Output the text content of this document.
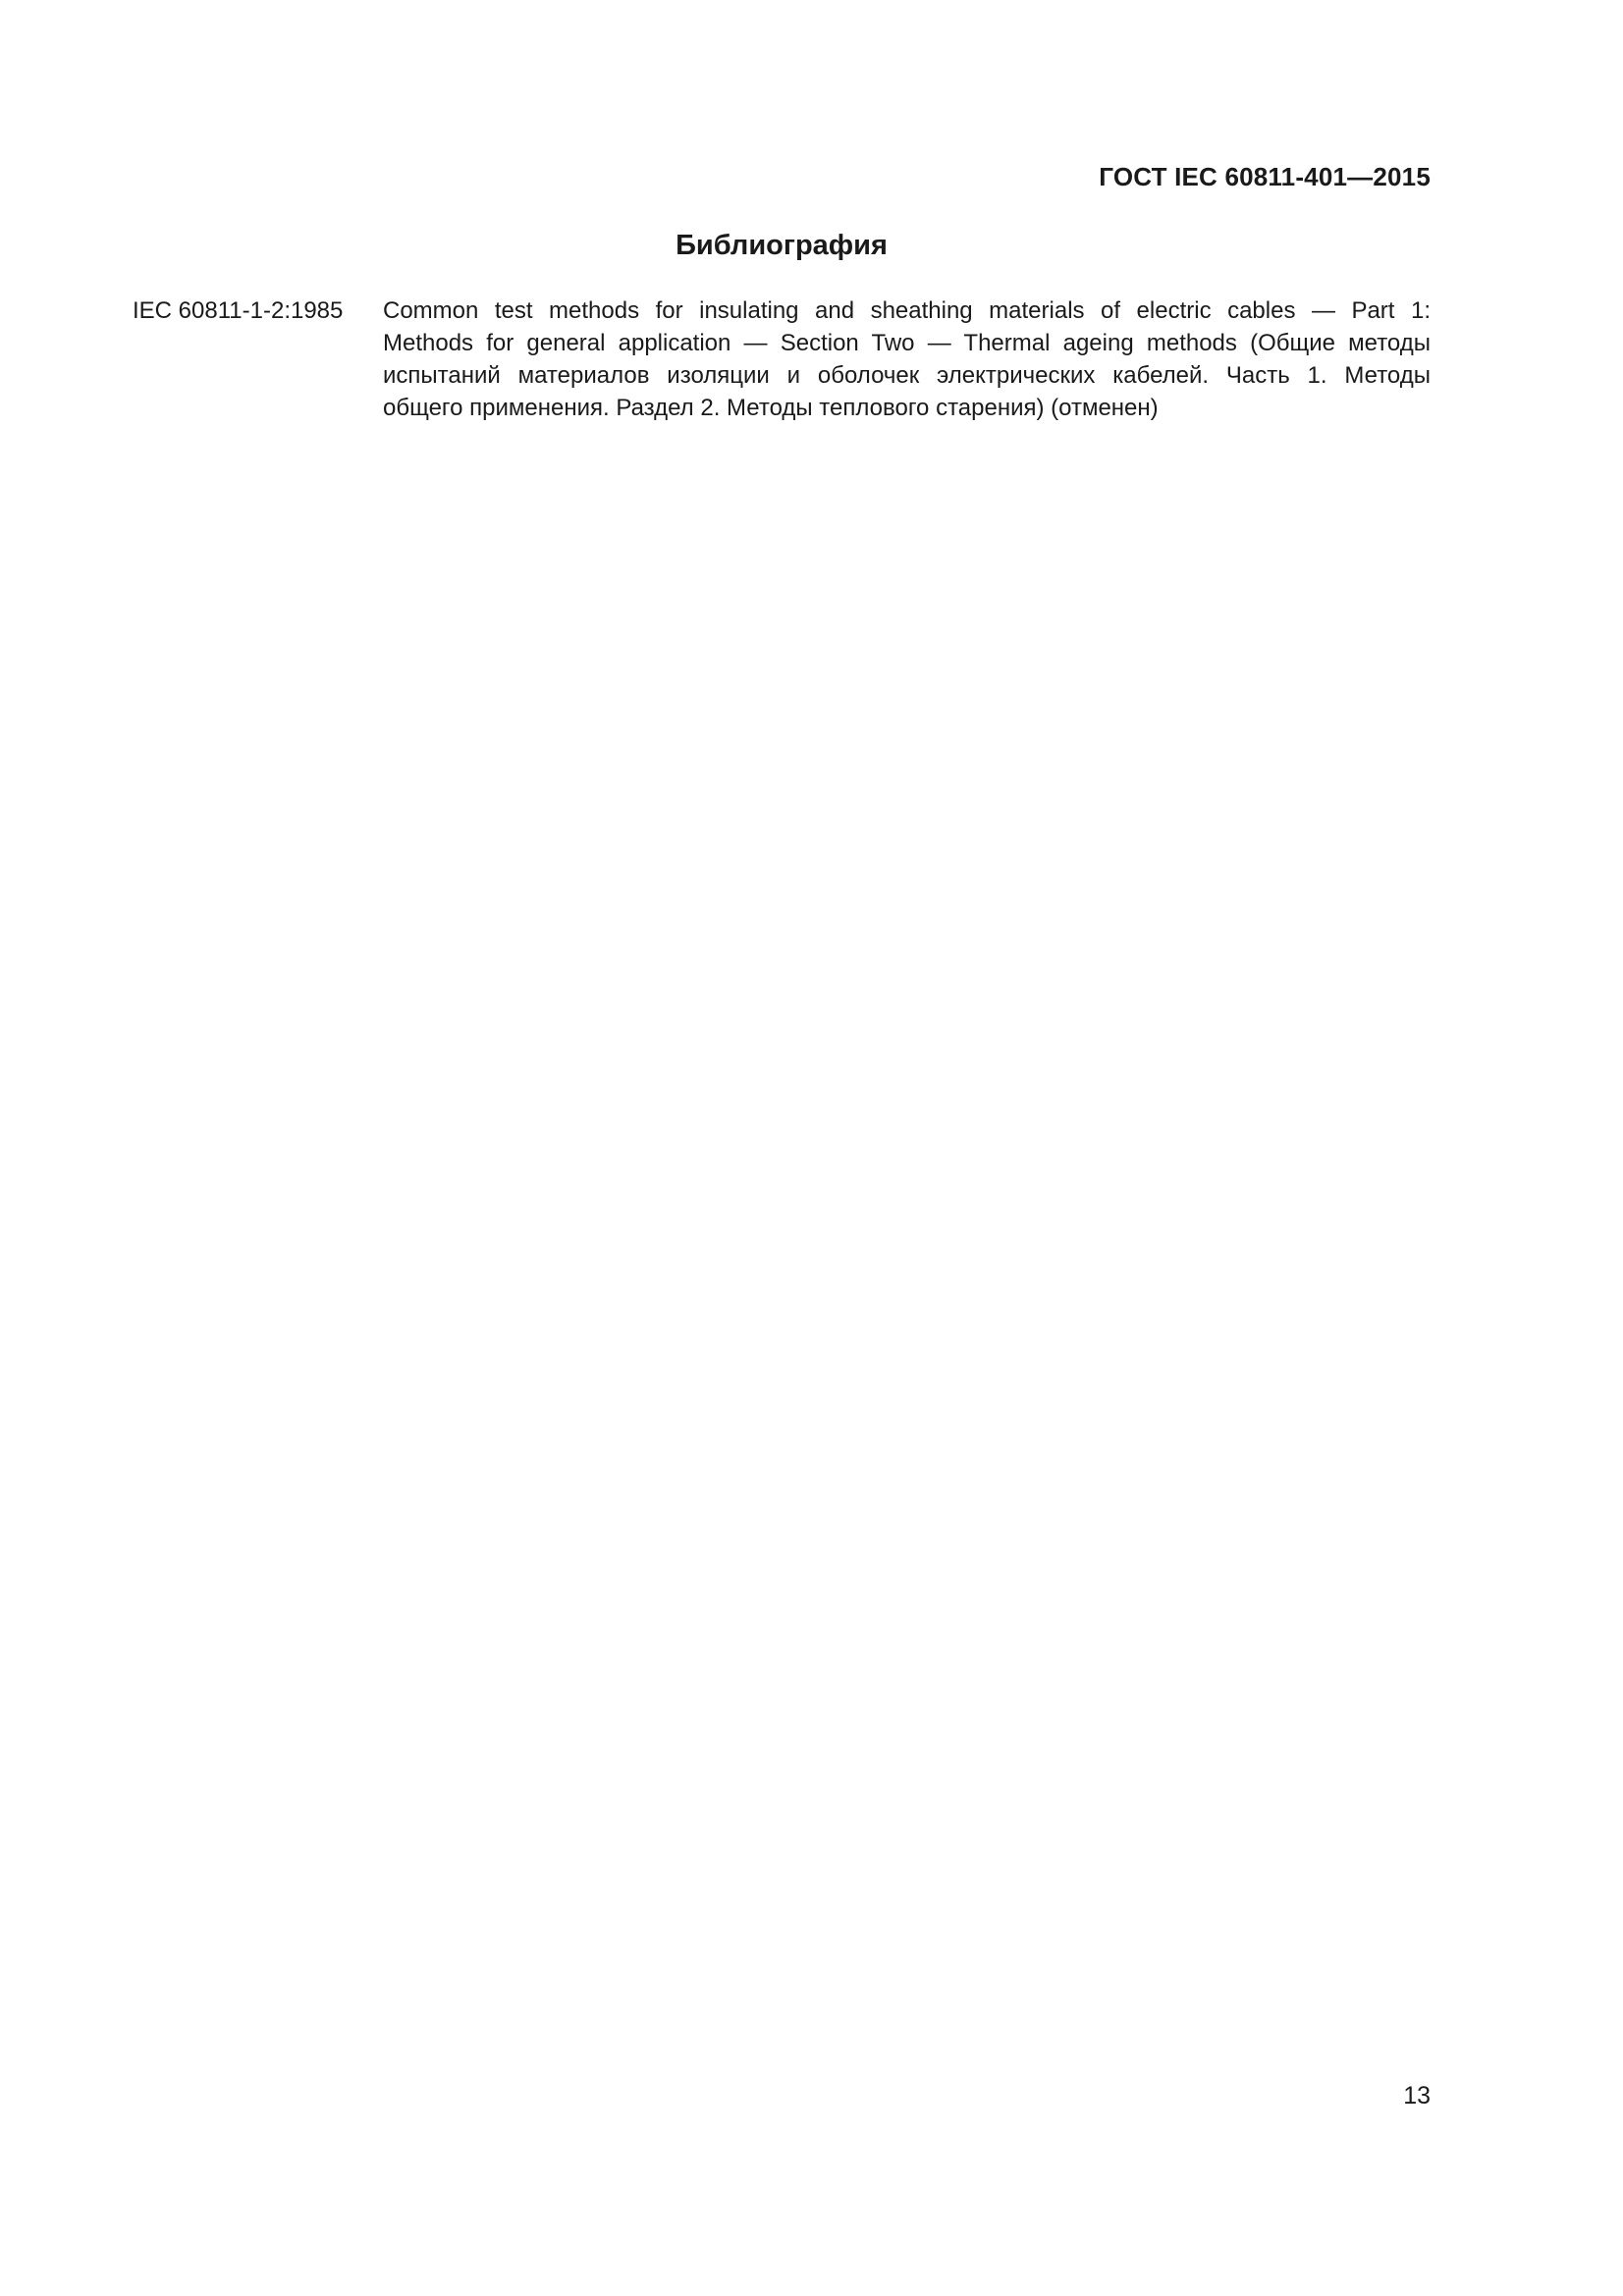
ГОСТ IEC 60811-401—2015
Библиография
IEC 60811-1-2:1985	Common test methods for insulating and sheathing materials of electric cables — Part 1:
Methods for general application — Section Two — Thermal ageing methods (Общие методы
испытаний материалов изоляции и оболочек электрических кабелей. Часть 1. Методы
общего применения. Раздел 2. Методы теплового старения) (отменен)
13
